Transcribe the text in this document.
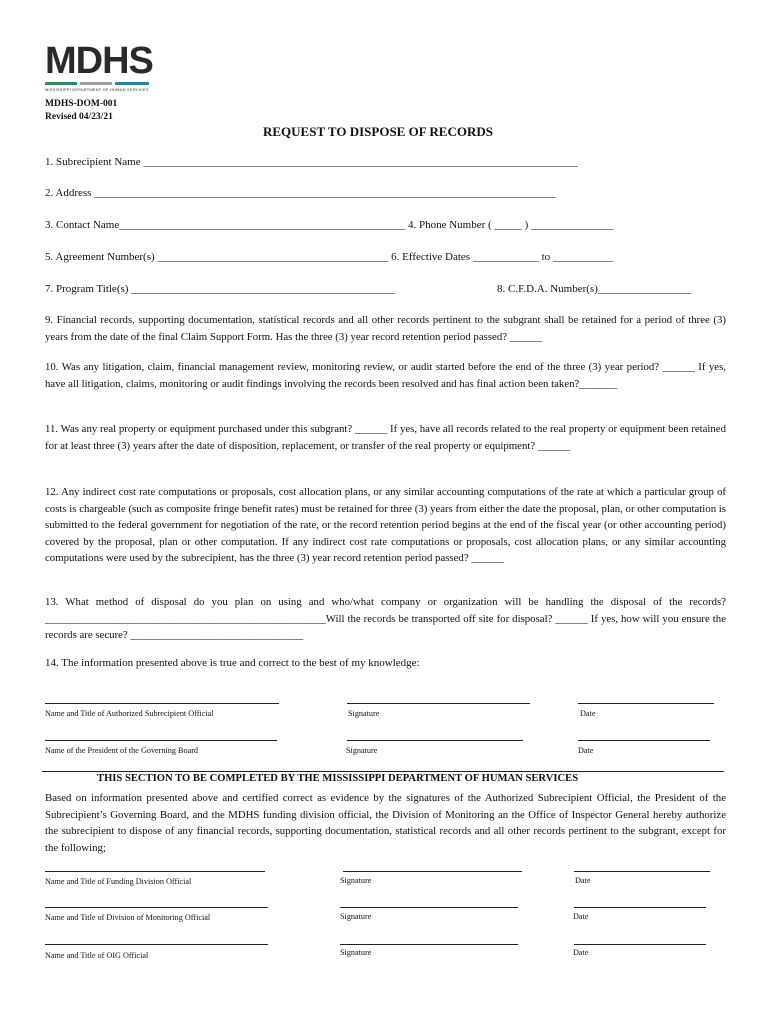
MDHS
MISSISSIPPI DEPARTMENT OF HUMAN SERVICES
MDHS-DOM-001
Revised 04/23/21
REQUEST TO DISPOSE OF RECORDS
1. Subrecipient Name _______________________________________________________________________________
2. Address ____________________________________________________________________________________
3. Contact Name____________________________________________________ 4. Phone Number ( _____ ) _______________
5. Agreement Number(s) __________________________________________ 6. Effective Dates ____________ to ___________
7. Program Title(s) ________________________________________________	8. C.F.D.A. Number(s)_________________
9. Financial records, supporting documentation, statistical records and all other records pertinent to the subgrant shall be retained for a period of three (3) years from the date of the final Claim Support Form. Has the three (3) year record retention period passed? ______
10. Was any litigation, claim, financial management review, monitoring review, or audit started before the end of the three (3) year period? ______ If yes, have all litigation, claims, monitoring or audit findings involving the records been resolved and has final action been taken?_______
11. Was any real property or equipment purchased under this subgrant? ______ If yes, have all records related to the real property or equipment been retained for at least three (3) years after the date of disposition, replacement, or transfer of the real property or equipment? ______
12. Any indirect cost rate computations or proposals, cost allocation plans, or any similar accounting computations of the rate at which a particular group of costs is chargeable (such as composite fringe benefit rates) must be retained for three (3) years from either the date the proposal, plan, or other computation is submitted to the federal government for negotiation of the rate, or the record retention period begins at the end of the fiscal year (or other accounting period) covered by the proposal, plan or other computation. If any indirect cost rate computations or proposals, cost allocation plans, or any similar accounting computations were used by the subrecipient, has the three (3) year record retention period passed? ______
13. What method of disposal do you plan on using and who/what company or organization will be handling the disposal of the records? ____________________________________________________Will the records be transported off site for disposal? ______ If yes, how will you ensure the records are secure? ________________________________
14. The information presented above is true and correct to the best of my knowledge:
Name and Title of Authorized Subrecipient Official	Signature	Date
Name of the President of the Governing Board	Signature	Date
THIS SECTION TO BE COMPLETED BY THE MISSISSIPPI DEPARTMENT OF HUMAN SERVICES
Based on information presented above and certified correct as evidence by the signatures of the Authorized Subrecipient Official, the President of the Subrecipient’s Governing Board, and the MDHS funding division official, the Division of Monitoring an the Office of Inspector General hereby authorize the subrecipient to dispose of any financial records, supporting documentation, statistical records and all other records pertinent to the subgrant, except for the following;
Name and Title of Funding Division Official	Signature	Date
Name and Title of Division of Monitoring Official	Signature	Date
Name and Title of OIG Official	Signature	Date
